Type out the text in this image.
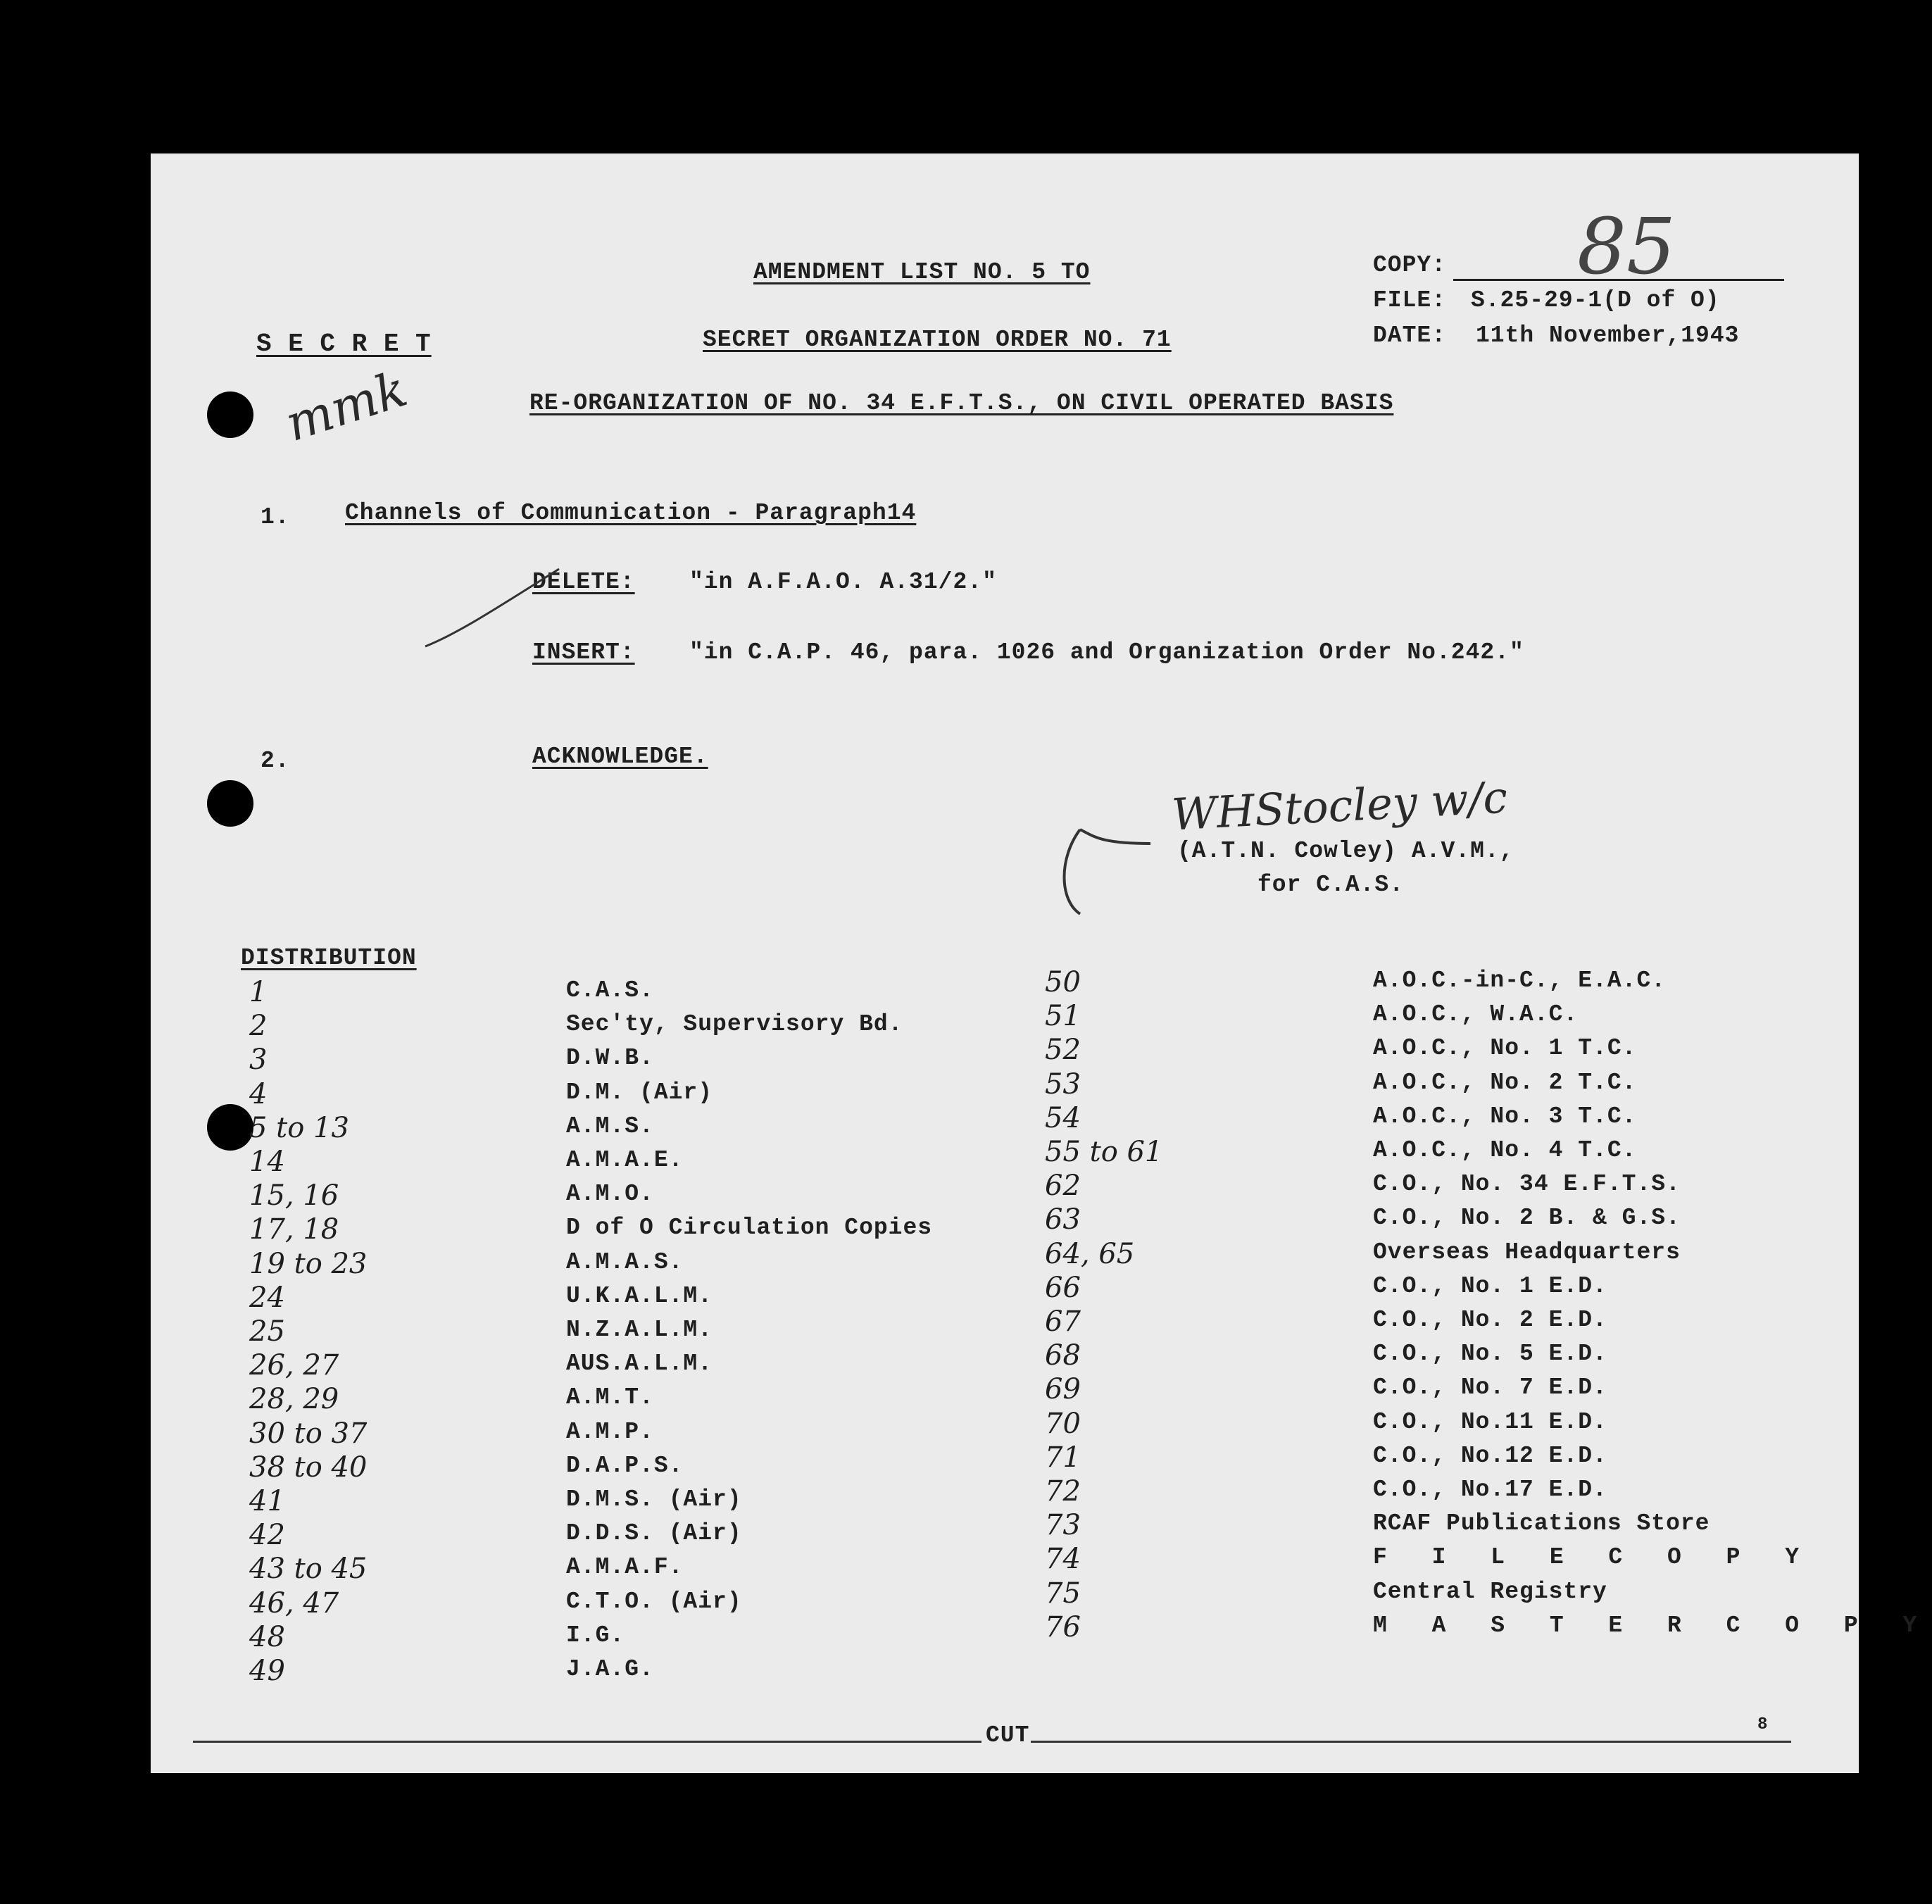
AMENDMENT LIST NO. 5 TO
SECRET ORGANIZATION ORDER NO. 71
RE-ORGANIZATION OF NO. 34 E.F.T.S., ON CIVIL OPERATED BASIS
S E C R E T
mmk
COPY: 85
FILE: S.25-29-1(D of O)
DATE: 11th November,1943
1. Channels of Communication - Paragraph14
DELETE: "in A.F.A.O. A.31/2."
INSERT: "in C.A.P. 46, para. 1026 and Organization Order No.242."
2.	ACKNOWLEDGE.
WHStocley w/c
(A.T.N. Cowley) A.V.M.,
for C.A.S.
DISTRIBUTION
1	C.A.S.
2	Sec'ty, Supervisory Bd.
3	D.W.B.
4	D.M. (Air)
5 to 13	A.M.S.
14	A.M.A.E.
15, 16	A.M.O.
17, 18	D of O Circulation Copies
19 to 23	A.M.A.S.
24	U.K.A.L.M.
25	N.Z.A.L.M.
26, 27	AUS.A.L.M.
28, 29	A.M.T.
30 to 37	A.M.P.
38 to 40	D.A.P.S.
41	D.M.S. (Air)
42	D.D.S. (Air)
43 to 45	A.M.A.F.
46, 47	C.T.O. (Air)
48	I.G.
49	J.A.G.
50	A.O.C.-in-C., E.A.C.
51	A.O.C., W.A.C.
52	A.O.C., No. 1 T.C.
53	A.O.C., No. 2 T.C.
54	A.O.C., No. 3 T.C.
55 to 61	A.O.C., No. 4 T.C.
62	C.O., No. 34 E.F.T.S.
63	C.O., No. 2 B. & G.S.
64, 65	Overseas Headquarters
66	C.O., No. 1 E.D.
67	C.O., No. 2 E.D.
68	C.O., No. 5 E.D.
69	C.O., No. 7 E.D.
70	C.O., No.11 E.D.
71	C.O., No.12 E.D.
72	C.O., No.17 E.D.
73	RCAF Publications Store
74	F I L E C O P Y
75	Central Registry
76	M A S T E R C O P Y
CUT	8
